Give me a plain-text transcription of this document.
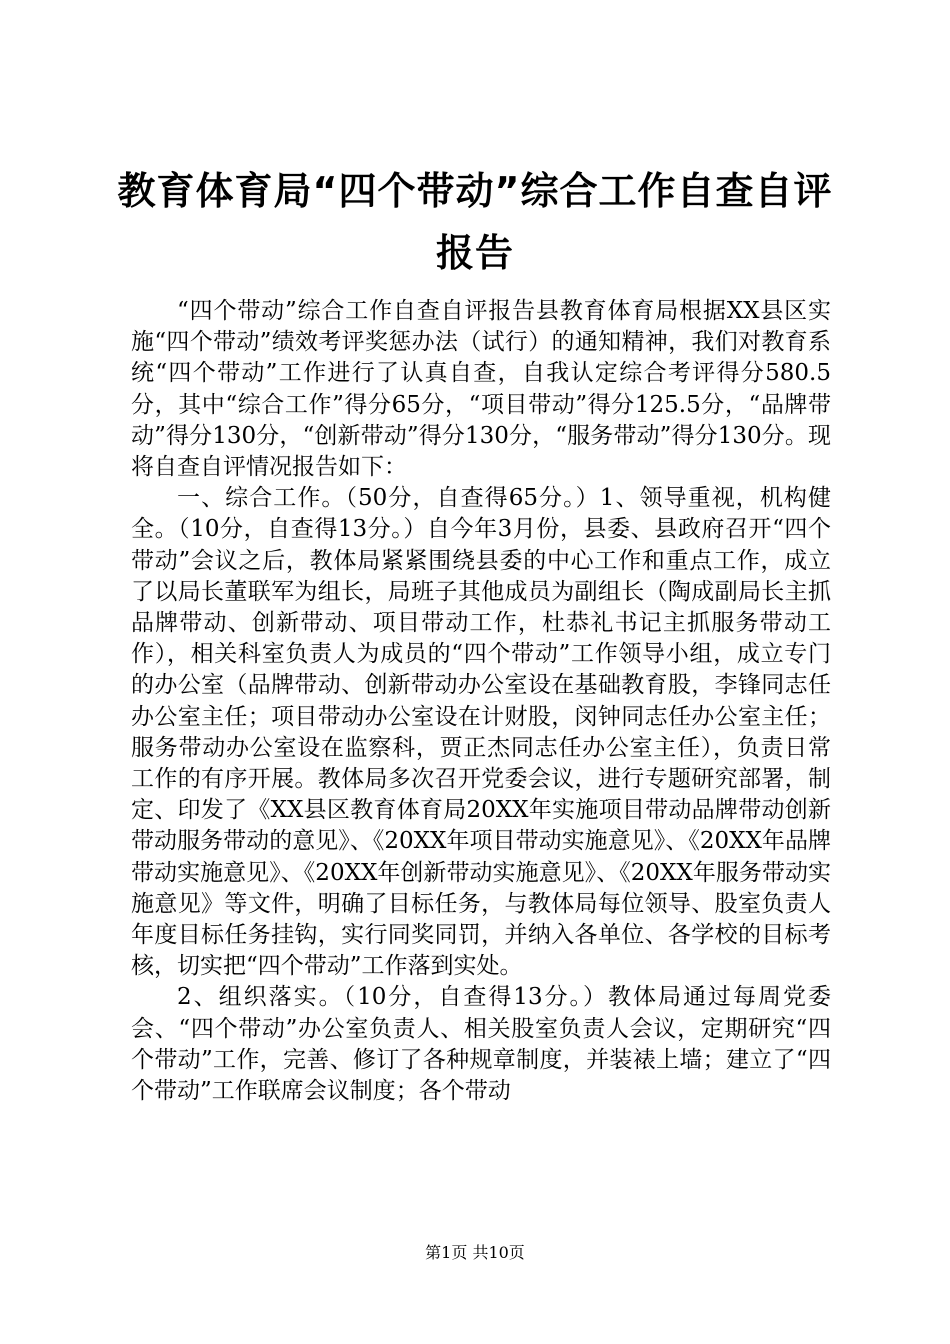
教育体育局“四个带动”综合工作自查自评报告

“四个带动”综合工作自查自评报告县教育体育局根据XX县区实施“四个带动”绩效考评奖惩办法（试行）的通知精神，我们对教育系统“四个带动”工作进行了认真自查，自我认定综合考评得分580.5分，其中“综合工作”得分65分，“项目带动”得分125.5分，“品牌带动”得分130分，“创新带动”得分130分，“服务带动”得分130分。现将自查自评情况报告如下：

一、综合工作。（50分，自查得65分。）1、领导重视，机构健全。（10分，自查得13分。）自今年3月份，县委、县政府召开“四个带动”会议之后，教体局紧紧围绕县委的中心工作和重点工作，成立了以局长董联军为组长，局班子其他成员为副组长（陶成副局长主抓品牌带动、创新带动、项目带动工作，杜恭礼书记主抓服务带动工作），相关科室负责人为成员的“四个带动”工作领导小组，成立专门的办公室（品牌带动、创新带动办公室设在基础教育股，李锋同志任办公室主任；项目带动办公室设在计财股，闵钟同志任办公室主任；服务带动办公室设在监察科，贾正杰同志任办公室主任），负责日常工作的有序开展。教体局多次召开党委会议，进行专题研究部署，制定、印发了《XX县区教育体育局20XX年实施项目带动品牌带动创新带动服务带动的意见》、《20XX年项目带动实施意见》、《20XX年品牌带动实施意见》、《20XX年创新带动实施意见》、《20XX年服务带动实施意见》等文件，明确了目标任务，与教体局每位领导、股室负责人年度目标任务挂钩，实行同奖同罚，并纳入各单位、各学校的目标考核，切实把“四个带动”工作落到实处。

2、组织落实。（10分，自查得13分。）教体局通过每周党委会、“四个带动”办公室负责人、相关股室负责人会议，定期研究“四个带动”工作，完善、修订了各种规章制度，并装裱上墙；建立了“四个带动”工作联席会议制度；各个带动

第1页 共10页
